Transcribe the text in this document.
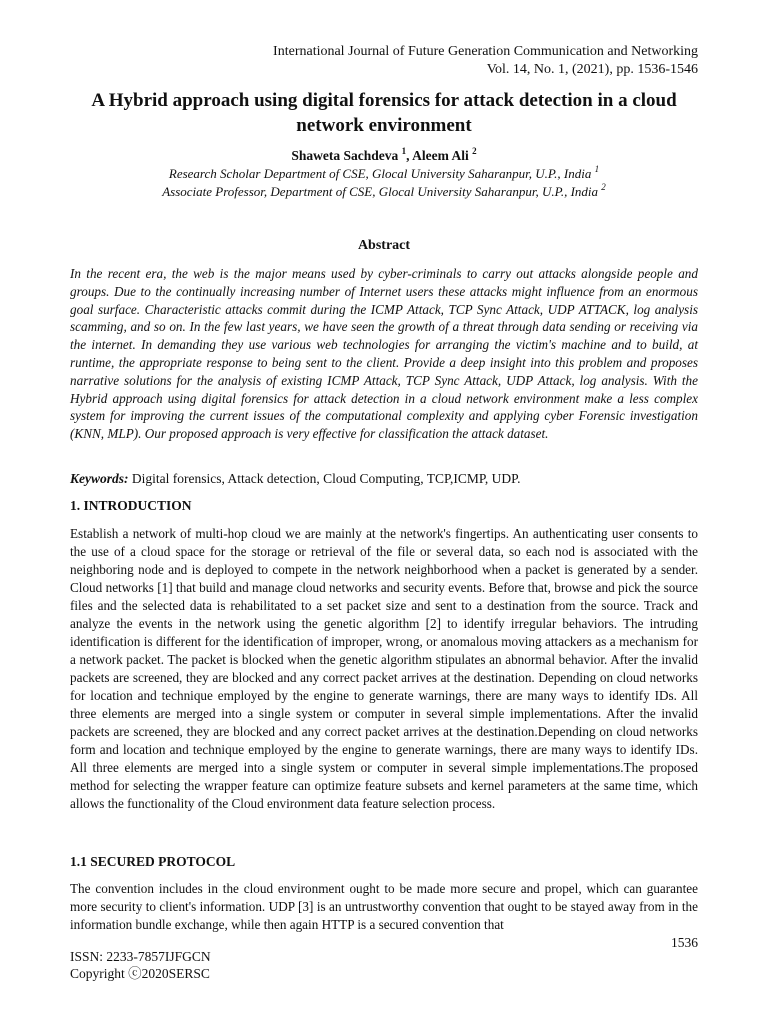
International Journal of Future Generation Communication and Networking
Vol. 14, No. 1, (2021), pp. 1536-1546
A Hybrid approach using digital forensics for attack detection in a cloud network environment
Shaweta Sachdeva $^1$, Aleem Ali $^2$
Research Scholar Department of CSE, Glocal University Saharanpur, U.P., India $^1$
Associate Professor, Department of CSE, Glocal University Saharanpur, U.P., India $^2$
Abstract
In the recent era, the web is the major means used by cyber-criminals to carry out attacks alongside people and groups. Due to the continually increasing number of Internet users these attacks might influence from an enormous goal surface. Characteristic attacks commit during the ICMP Attack, TCP Sync Attack, UDP ATTACK, log analysis scamming, and so on. In the few last years, we have seen the growth of a threat through data sending or receiving via the internet. In demanding they use various web technologies for arranging the victim's machine and to build, at runtime, the appropriate response to being sent to the client. Provide a deep insight into this problem and proposes narrative solutions for the analysis of existing ICMP Attack, TCP Sync Attack, UDP Attack, log analysis. With the Hybrid approach using digital forensics for attack detection in a cloud network environment make a less complex system for improving the current issues of the computational complexity and applying cyber Forensic investigation (KNN, MLP). Our proposed approach is very effective for classification the attack dataset.
Keywords: Digital forensics, Attack detection, Cloud Computing, TCP,ICMP, UDP.
1. INTRODUCTION
Establish a network of multi-hop cloud we are mainly at the network's fingertips. An authenticating user consents to the use of a cloud space for the storage or retrieval of the file or several data, so each nod is associated with the neighboring node and is deployed to compete in the network neighborhood when a packet is generated by a sender. Cloud networks [1] that build and manage cloud networks and security events. Before that, browse and pick the source files and the selected data is rehabilitated to a set packet size and sent to a destination from the source. Track and analyze the events in the network using the genetic algorithm [2] to identify irregular behaviors. The intruding identification is different for the identification of improper, wrong, or anomalous moving attackers as a mechanism for a network packet. The packet is blocked when the genetic algorithm stipulates an abnormal behavior. After the invalid packets are screened, they are blocked and any correct packet arrives at the destination. Depending on cloud networks for location and technique employed by the engine to generate warnings, there are many ways to identify IDs. All three elements are merged into a single system or computer in several simple implementations. After the invalid packets are screened, they are blocked and any correct packet arrives at the destination.Depending on cloud networks form and location and technique employed by the engine to generate warnings, there are many ways to identify IDs. All three elements are merged into a single system or computer in several simple implementations.The proposed method for selecting the wrapper feature can optimize feature subsets and kernel parameters at the same time, which allows the functionality of the Cloud environment data feature selection process.
1.1 SECURED PROTOCOL
The convention includes in the cloud environment ought to be made more secure and propel, which can guarantee more security to client's information. UDP [3] is an untrustworthy convention that ought to be stayed away from in the information bundle exchange, while then again HTTP is a secured convention that
1536
ISSN: 2233-7857IJFGCN
Copyright ⓒ2020SERSC
